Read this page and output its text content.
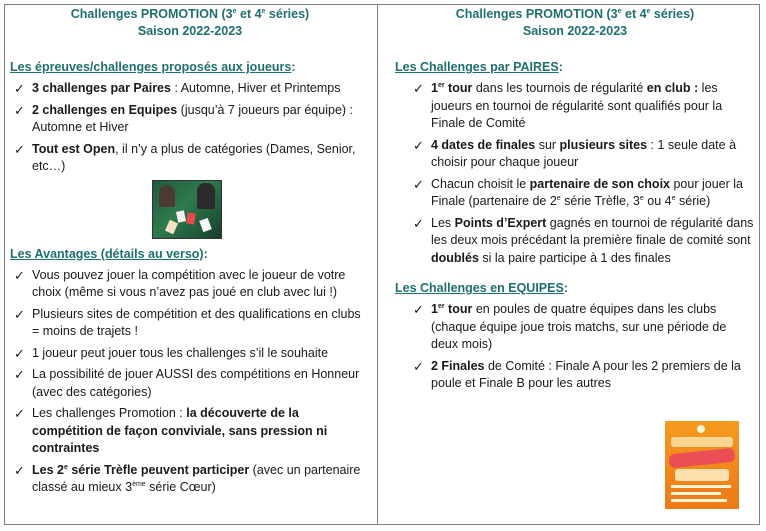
Challenges PROMOTION (3e et 4e séries)
Saison 2022-2023
Les épreuves/challenges proposés aux joueurs:
✓ 3 challenges par Paires : Automne, Hiver et Printemps
✓ 2 challenges en Equipes (jusqu’à 7 joueurs par équipe) : Automne et Hiver
✓ Tout est Open, il n’y a plus de catégories (Dames, Senior, etc…)
Les Avantages (détails au verso):
✓ Vous pouvez jouer la compétition avec le joueur de votre choix (même si vous n’avez pas joué en club avec lui !)
✓ Plusieurs sites de compétition et des qualifications en clubs = moins de trajets !
✓ 1 joueur peut jouer tous les challenges s’il le souhaite
✓ La possibilité de jouer AUSSI des compétitions en Honneur (avec des catégories)
✓ Les challenges Promotion : la découverte de la compétition de façon conviviale, sans pression ni contraintes
✓ Les 2e série Trèfle peuvent participer (avec un partenaire classé au mieux 3ème série Cœur)
Challenges PROMOTION (3e et 4e séries)
Saison 2022-2023
Les Challenges par PAIRES:
✓ 1er tour dans les tournois de régularité en club : les joueurs en tournoi de régularité sont qualifiés pour la Finale de Comité
✓ 4 dates de finales sur plusieurs sites : 1 seule date à choisir pour chaque joueur
✓ Chacun choisit le partenaire de son choix pour jouer la Finale (partenaire de 2e série Trèfle, 3e ou 4e série)
✓ Les Points d’Expert gagnés en tournoi de régularité dans les deux mois précédant la première finale de comité sont doublés si la paire participe à 1 des finales
Les Challenges en EQUIPES:
✓ 1er tour en poules de quatre équipes dans les clubs (chaque équipe joue trois matchs, sur une période de deux mois)
✓ 2 Finales de Comité : Finale A pour les 2 premiers de la poule et Finale B pour les autres
